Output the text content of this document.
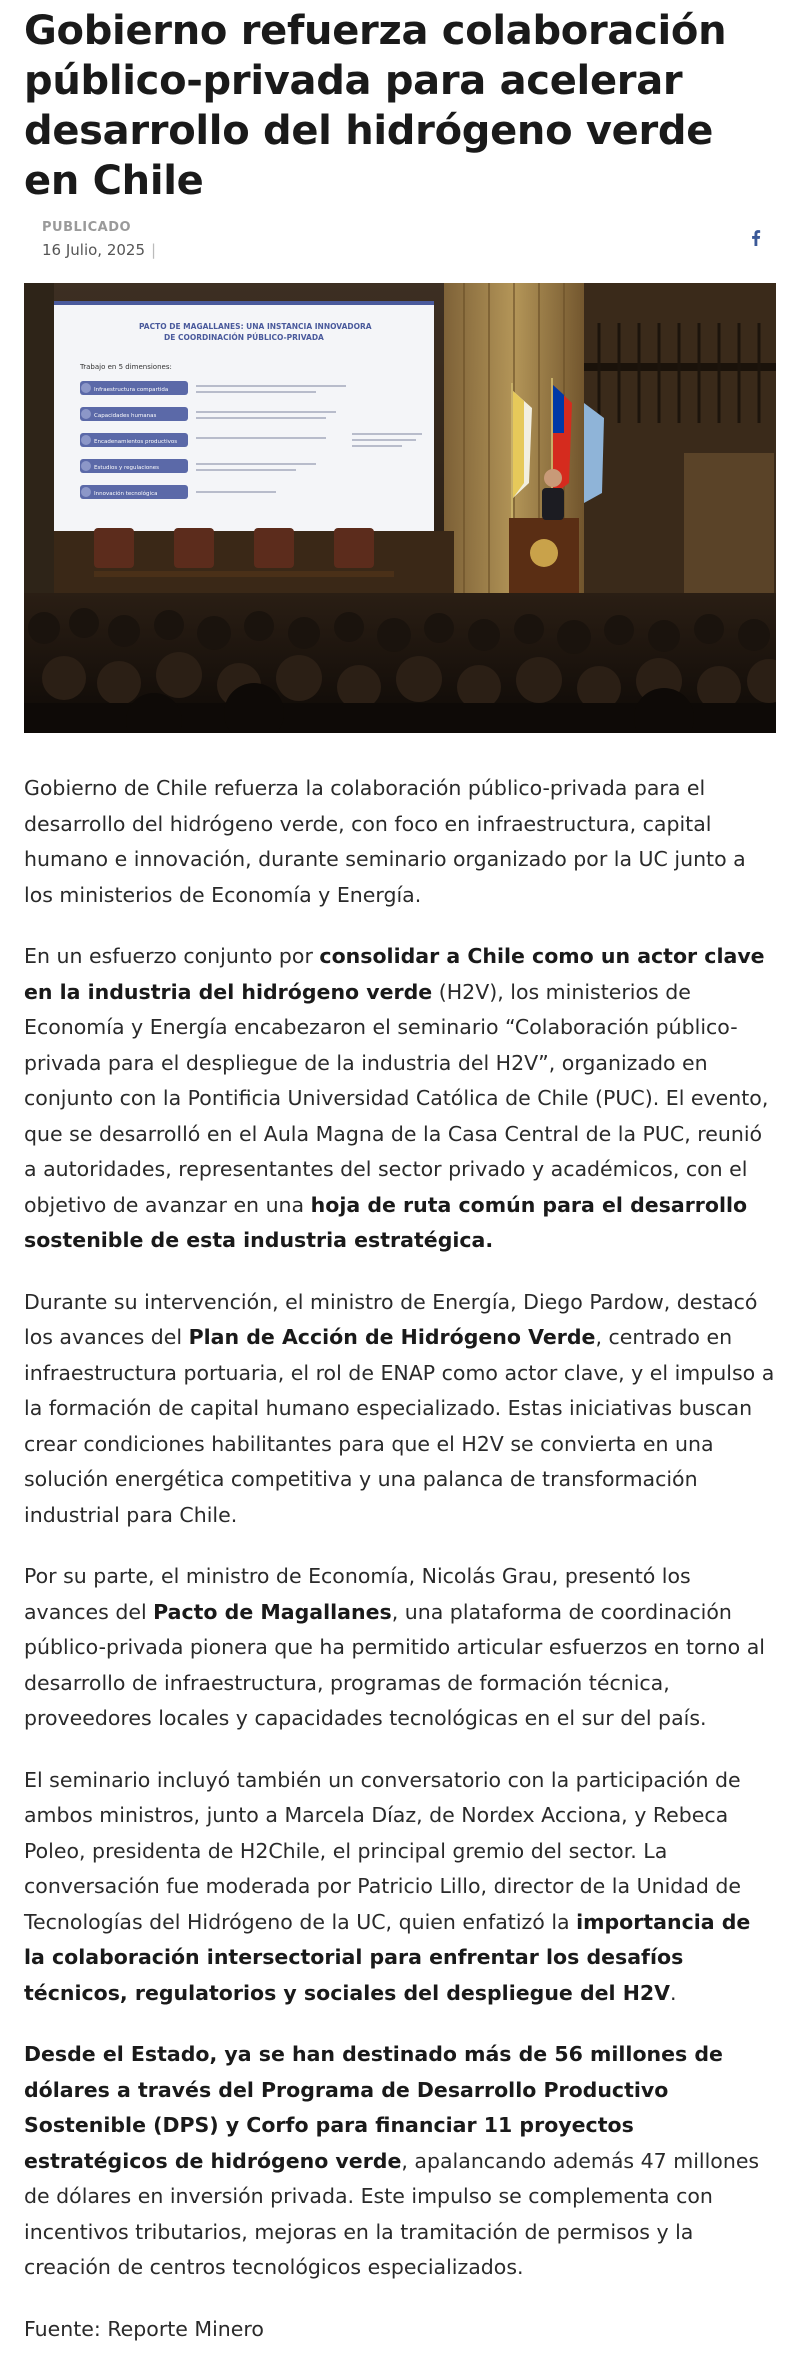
Gobierno refuerza colaboración público-privada para acelerar desarrollo del hidrógeno verde en Chile
PUBLICADO
16 Julio, 2025 |
PACTO DE MAGALLANES: UNA INSTANCIA INNOVADORA
DE COORDINACIÓN PÚBLICO-PRIVADA
Trabajo en 5 dimensiones:
Infraestructura compartida
Capacidades humanas
Encadenamientos productivos
Estudios y regulaciones
Innovación tecnológica

Gobierno de Chile refuerza la colaboración público-privada para el desarrollo del hidrógeno verde, con foco en infraestructura, capital humano e innovación, durante seminario organizado por la UC junto a los ministerios de Economía y Energía.

En un esfuerzo conjunto por consolidar a Chile como un actor clave en la industria del hidrógeno verde (H2V), los ministerios de Economía y Energía encabezaron el seminario “Colaboración público-privada para el despliegue de la industria del H2V”, organizado en conjunto con la Pontificia Universidad Católica de Chile (PUC). El evento, que se desarrolló en el Aula Magna de la Casa Central de la PUC, reunió a autoridades, representantes del sector privado y académicos, con el objetivo de avanzar en una hoja de ruta común para el desarrollo sostenible de esta industria estratégica.

Durante su intervención, el ministro de Energía, Diego Pardow, destacó los avances del Plan de Acción de Hidrógeno Verde, centrado en infraestructura portuaria, el rol de ENAP como actor clave, y el impulso a la formación de capital humano especializado. Estas iniciativas buscan crear condiciones habilitantes para que el H2V se convierta en una solución energética competitiva y una palanca de transformación industrial para Chile.

Por su parte, el ministro de Economía, Nicolás Grau, presentó los avances del Pacto de Magallanes, una plataforma de coordinación público-privada pionera que ha permitido articular esfuerzos en torno al desarrollo de infraestructura, programas de formación técnica, proveedores locales y capacidades tecnológicas en el sur del país.

El seminario incluyó también un conversatorio con la participación de ambos ministros, junto a Marcela Díaz, de Nordex Acciona, y Rebeca Poleo, presidenta de H2Chile, el principal gremio del sector. La conversación fue moderada por Patricio Lillo, director de la Unidad de Tecnologías del Hidrógeno de la UC, quien enfatizó la importancia de la colaboración intersectorial para enfrentar los desafíos técnicos, regulatorios y sociales del despliegue del H2V.

Desde el Estado, ya se han destinado más de 56 millones de dólares a través del Programa de Desarrollo Productivo Sostenible (DPS) y Corfo para financiar 11 proyectos estratégicos de hidrógeno verde, apalancando además 47 millones de dólares en inversión privada. Este impulso se complementa con incentivos tributarios, mejoras en la tramitación de permisos y la creación de centros tecnológicos especializados.

Fuente: Reporte Minero
